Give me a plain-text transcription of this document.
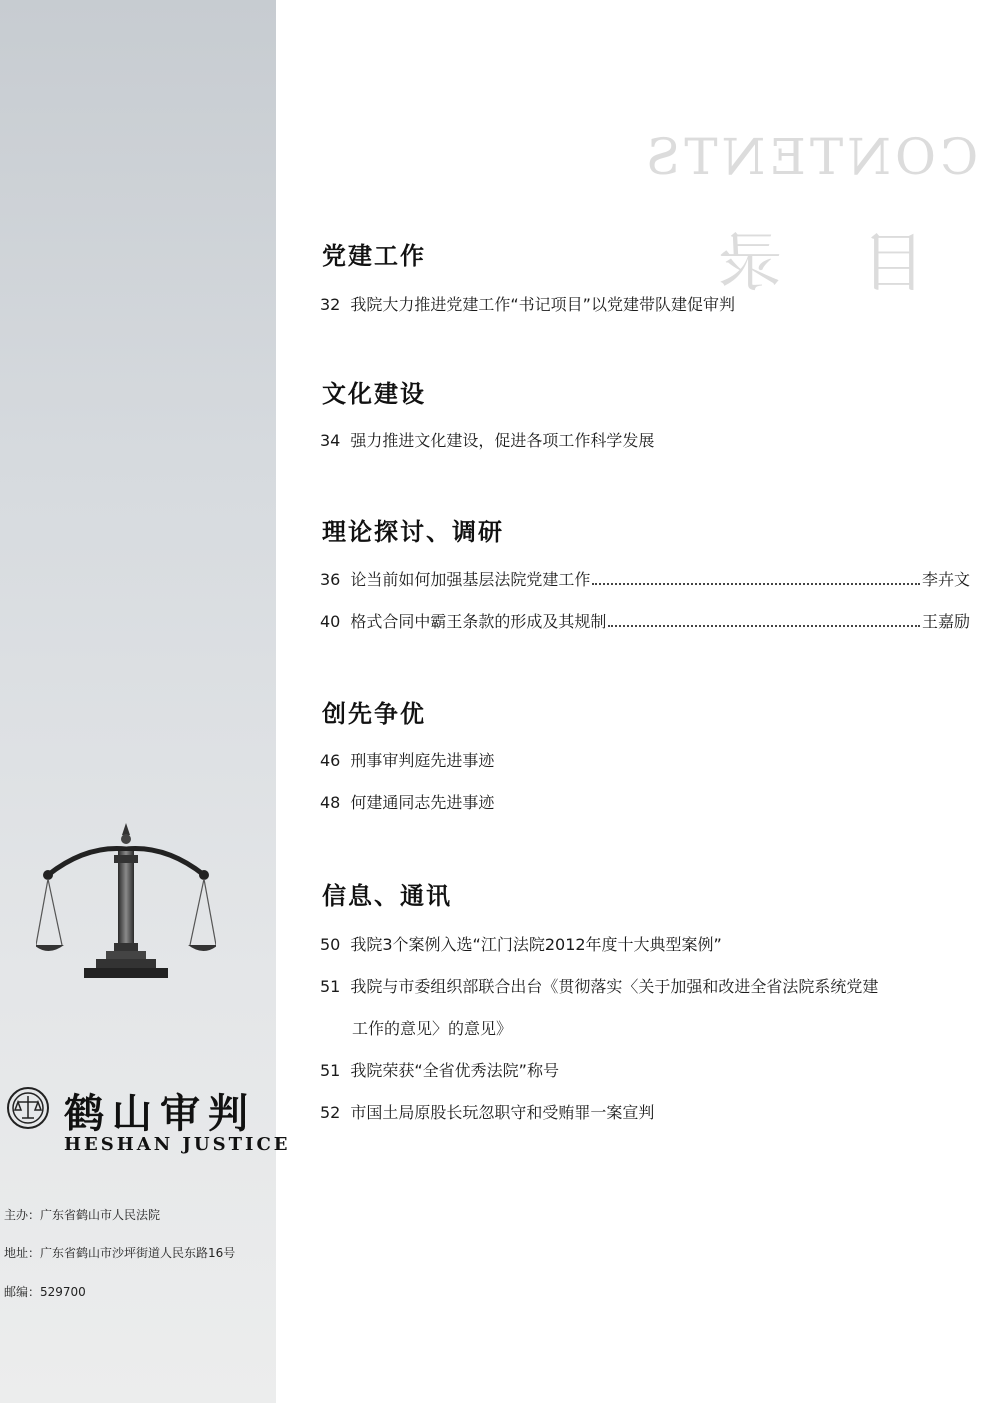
CONTENTS
目录
鹤山审判
HESHAN JUSTICE
主办：广东省鹤山市人民法院
地址：广东省鹤山市沙坪街道人民东路16号
邮编：529700
党建工作
32 我院大力推进党建工作“书记项目”以党建带队建促审判
文化建设
34 强力推进文化建设，促进各项工作科学发展
理论探讨、调研
36 论当前如何加强基层法院党建工作	李卉文
40 格式合同中霸王条款的形成及其规制	王嘉励
创先争优
46 刑事审判庭先进事迹
48 何建通同志先进事迹
信息、通讯
50 我院3个案例入选“江门法院2012年度十大典型案例”
51 我院与市委组织部联合出台《贯彻落实〈关于加强和改进全省法院系统党建
工作的意见〉的意见》
51 我院荣获“全省优秀法院”称号
52 市国土局原股长玩忽职守和受贿罪一案宣判
